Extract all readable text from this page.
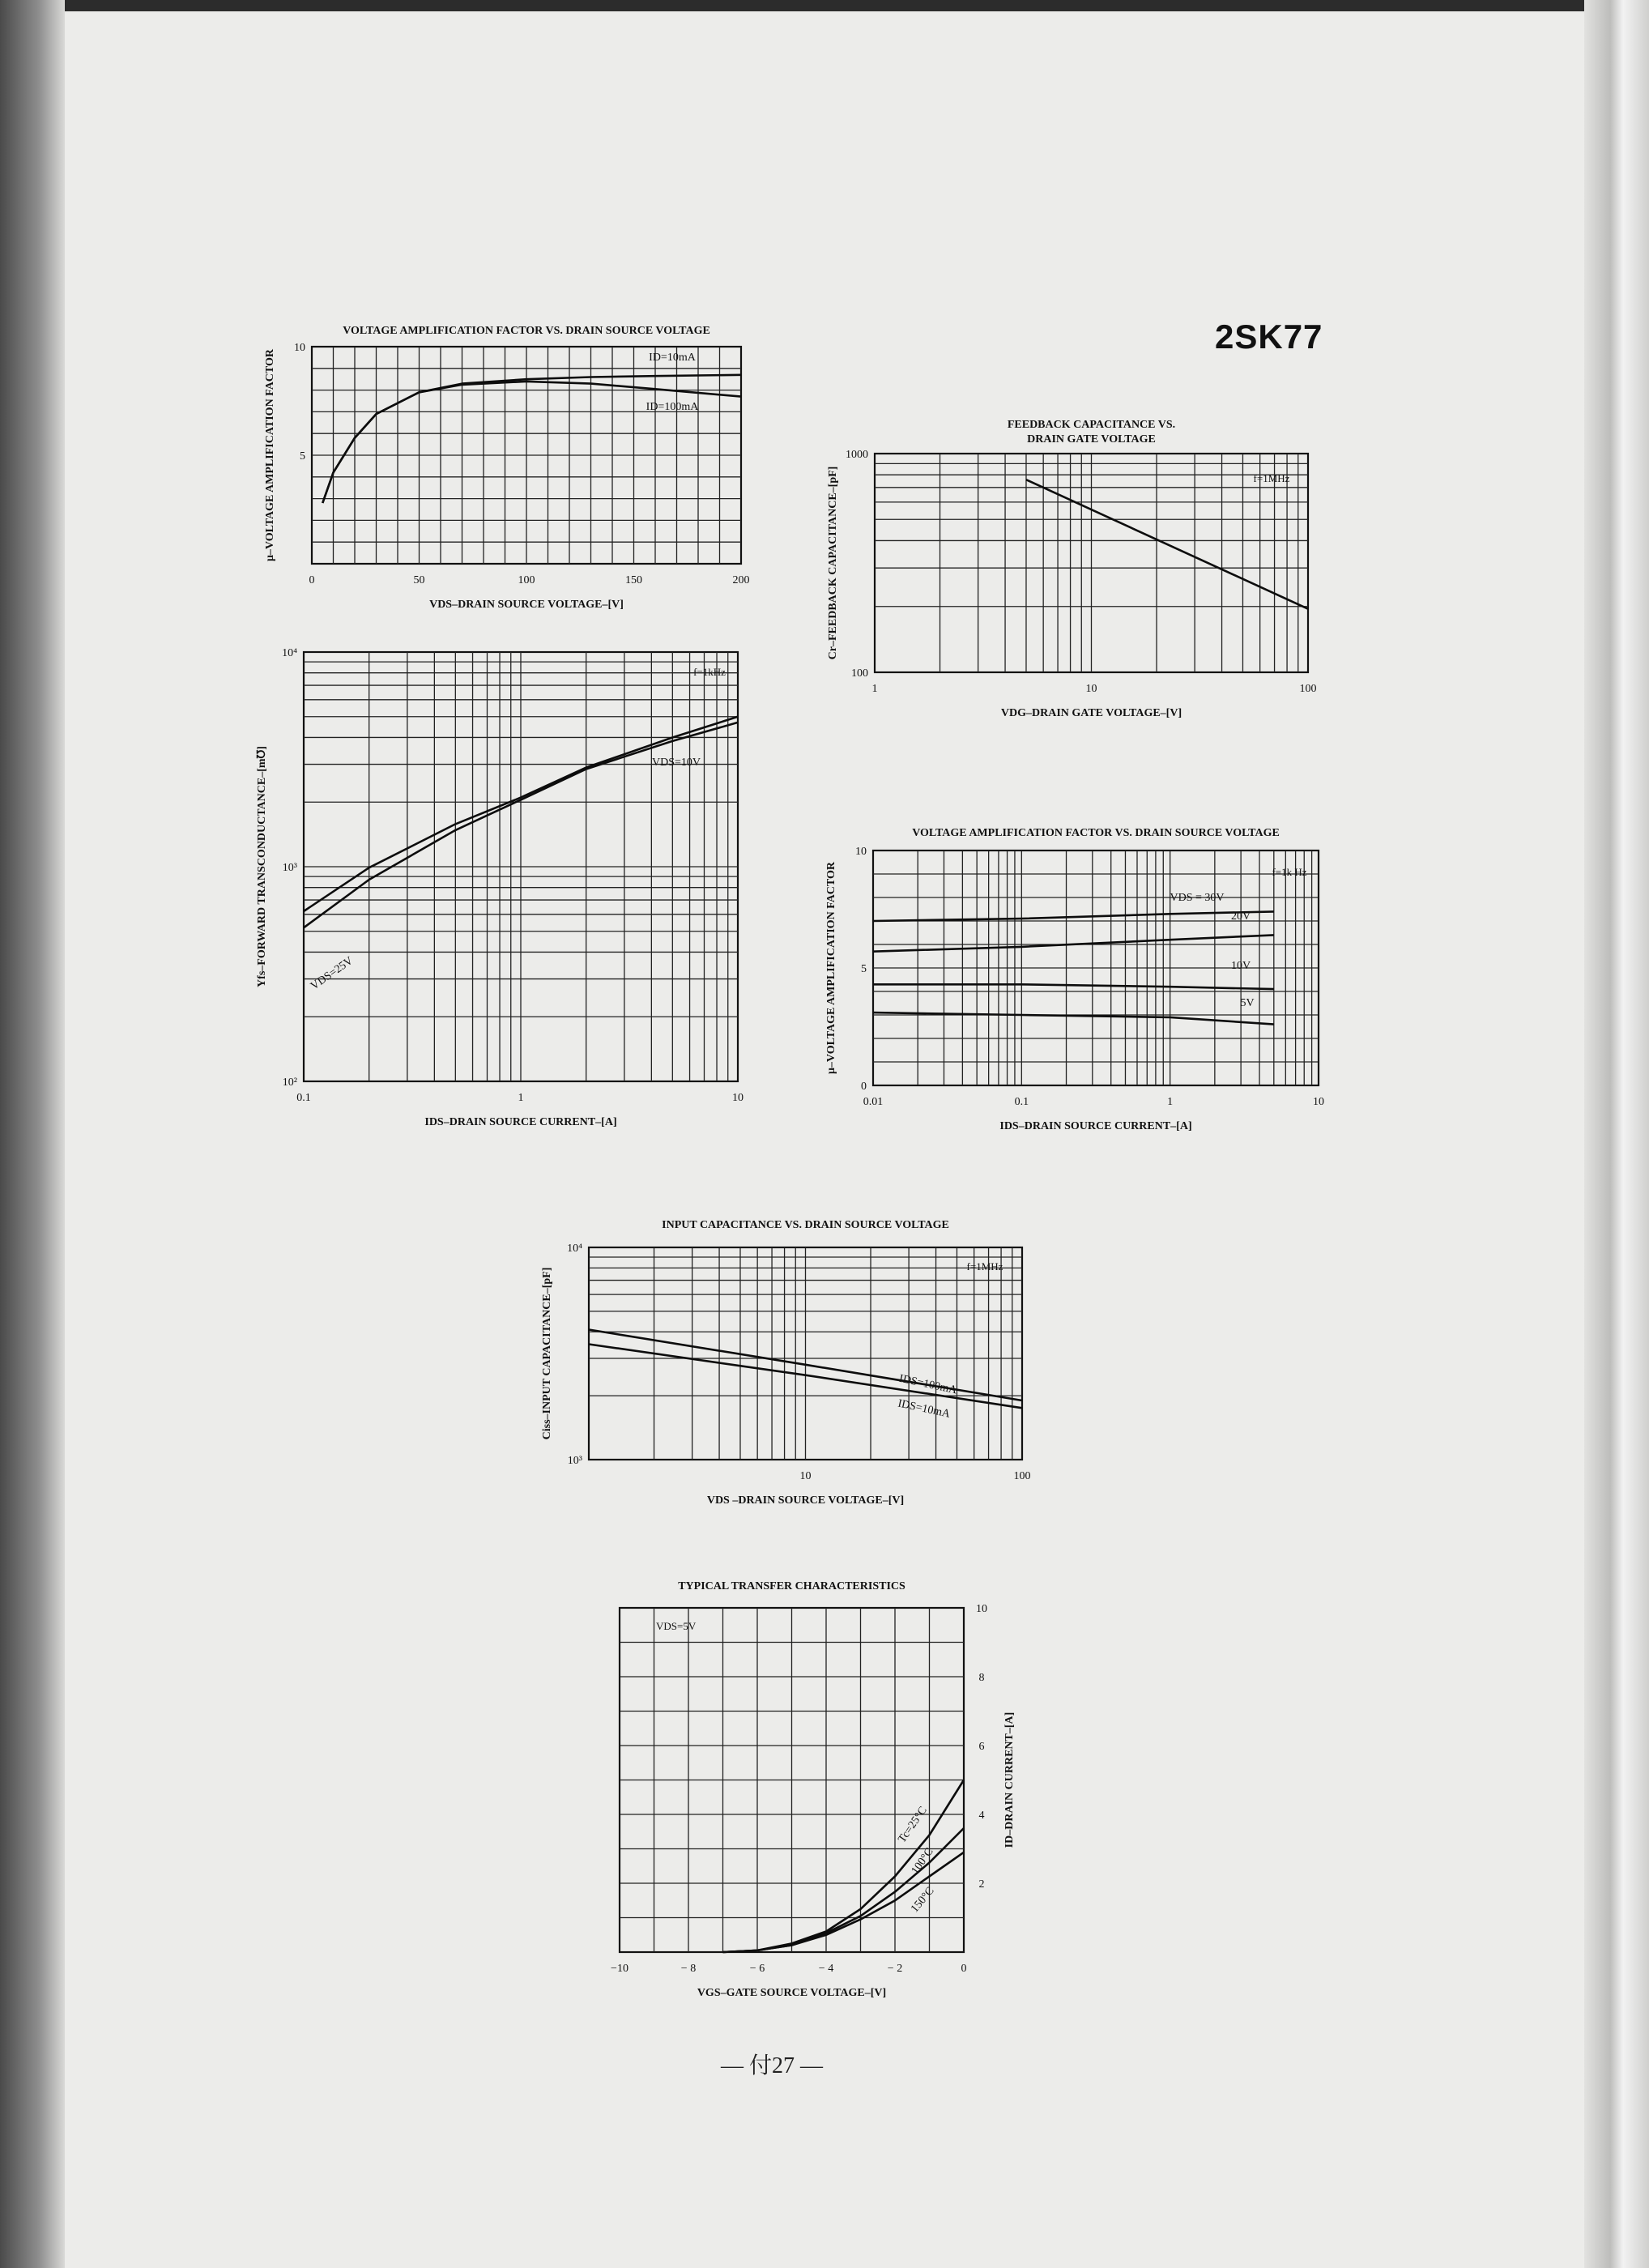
2SK77
0	50	100	150	200
5
10
VOLTAGE AMPLIFICATION FACTOR VS. DRAIN SOURCE VOLTAGE
VDS–DRAIN SOURCE VOLTAGE–[V]
μ–VOLTAGE AMPLIFICATION FACTOR	ID=10mA
ID=100mA
0.1	1	10
10²
10³
10⁴
IDS–DRAIN SOURCE CURRENT–[A]
Yfs–FORWARD TRANSCONDUCTANCE–[m℧]	VDS=10V
VDS=25V
f=1kHz
1	10	100
100
1000
FEEDBACK CAPACITANCE VS.
DRAIN GATE VOLTAGE
VDG–DRAIN GATE VOLTAGE–[V]
Cr–FEEDBACK CAPACITANCE–[pF]	f=1MHz
0.01	0.1	1	10
0
5
10
VOLTAGE AMPLIFICATION FACTOR VS. DRAIN SOURCE VOLTAGE
IDS–DRAIN SOURCE CURRENT–[A]
μ–VOLTAGE AMPLIFICATION FACTOR	VDS = 30V
20V
10V
5V
f=1k Hz
10	100
10³
10⁴
INPUT CAPACITANCE VS. DRAIN SOURCE VOLTAGE
VDS –DRAIN SOURCE VOLTAGE–[V]
Ciss–INPUT CAPACITANCE–[pF]	IDS=100mA
IDS=10mA
f=1MHz
−10	− 8	− 6	− 4	− 2	0
2
4
6
8
10
TYPICAL TRANSFER CHARACTERISTICS
VGS–GATE SOURCE VOLTAGE–[V]
ID–DRAIN CURRENT–[A]
Tc=25°C
100°C
150°C
VDS=5V
— 付27 —
